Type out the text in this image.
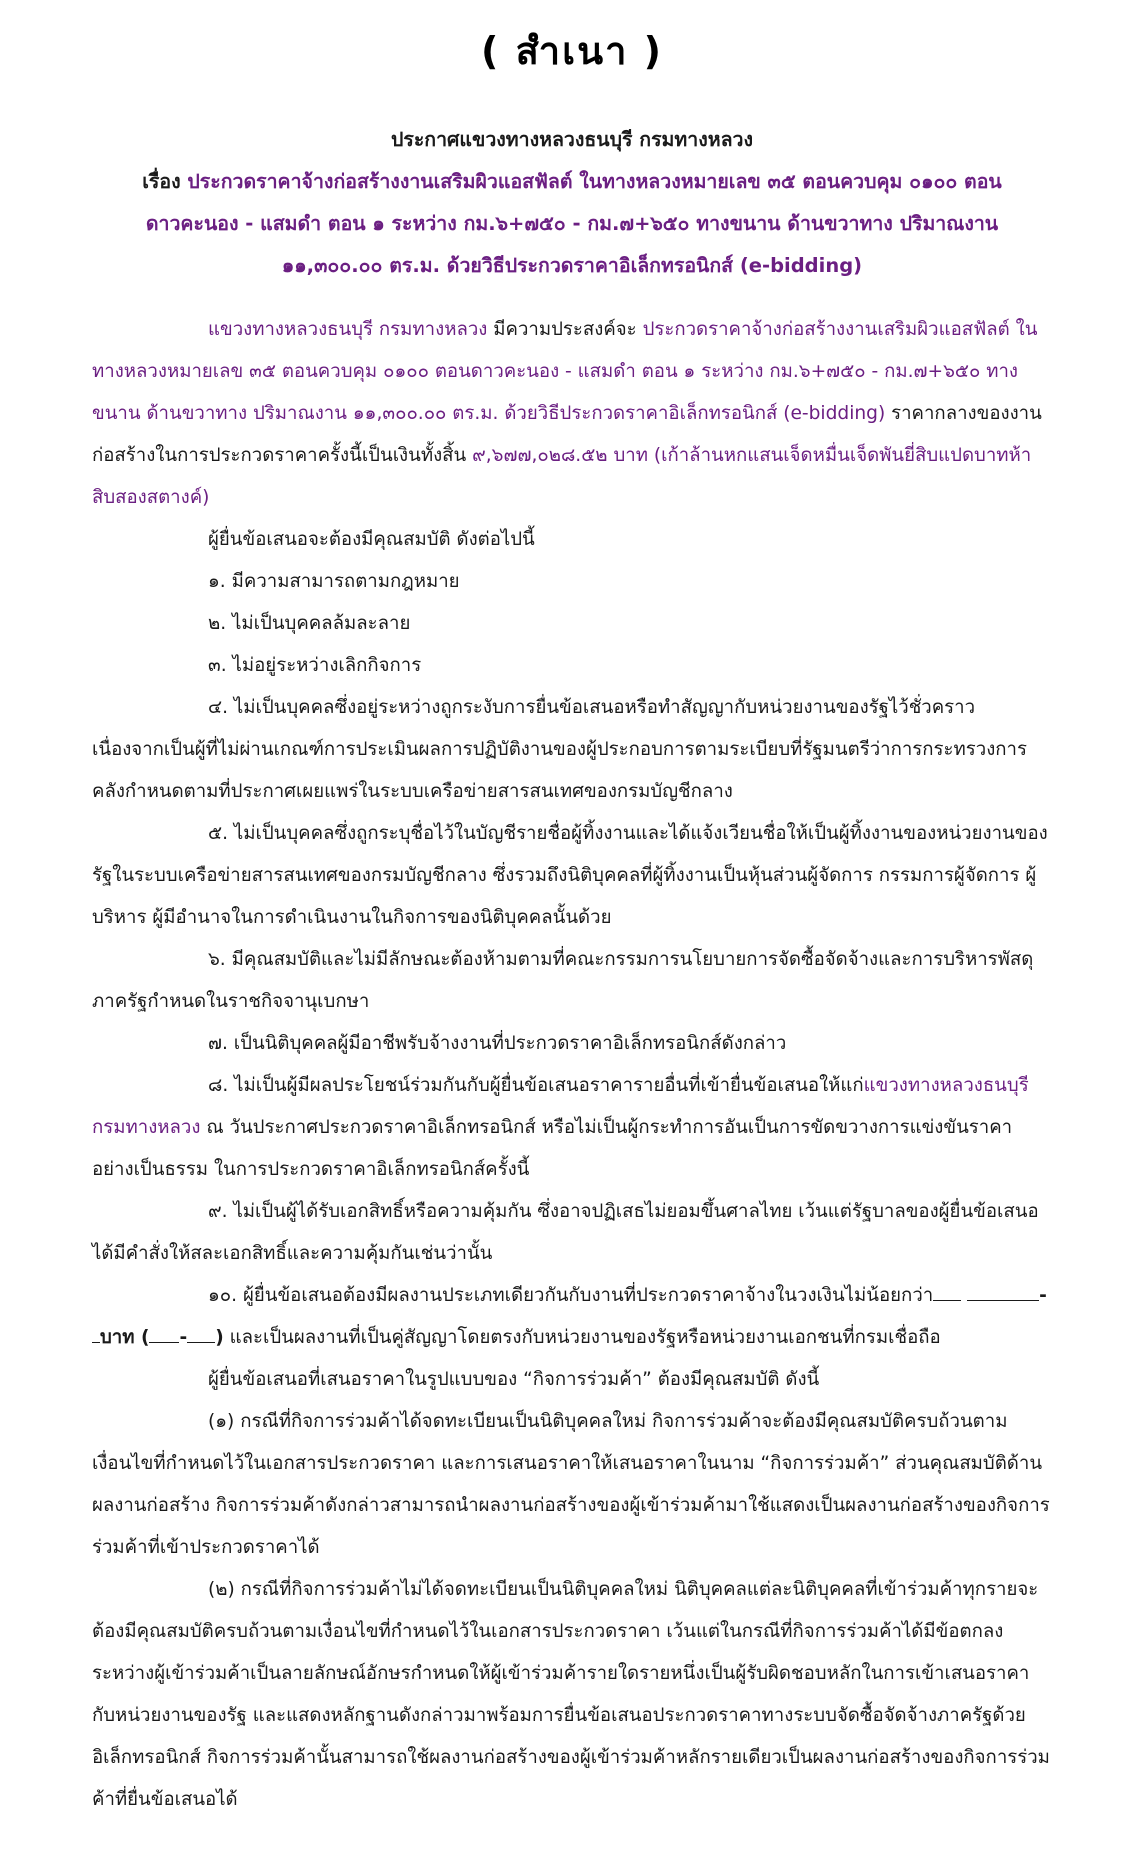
( สำเนา )
ประกาศแขวงทางหลวงธนบุรี กรมทางหลวง
เรื่อง ประกวดราคาจ้างก่อสร้างงานเสริมผิวแอสฟัลต์ ในทางหลวงหมายเลข ๓๕ ตอนควบคุม ๐๑๐๐ ตอน
ดาวคะนอง - แสมดำ ตอน ๑ ระหว่าง กม.๖+๗๕๐ - กม.๗+๖๕๐ ทางขนาน ด้านขวาทาง ปริมาณงาน
๑๑,๓๐๐.๐๐ ตร.ม. ด้วยวิธีประกวดราคาอิเล็กทรอนิกส์ (e-bidding)

แขวงทางหลวงธนบุรี กรมทางหลวง มีความประสงค์จะ ประกวดราคาจ้างก่อสร้างงานเสริมผิวแอสฟัลต์ ในทางหลวงหมายเลข ๓๕ ตอนควบคุม ๐๑๐๐ ตอนดาวคะนอง - แสมดำ ตอน ๑ ระหว่าง กม.๖+๗๕๐ - กม.๗+๖๕๐ ทางขนาน ด้านขวาทาง ปริมาณงาน ๑๑,๓๐๐.๐๐ ตร.ม. ด้วยวิธีประกวดราคาอิเล็กทรอนิกส์ (e-bidding) ราคากลางของงานก่อสร้างในการประกวดราคาครั้งนี้เป็นเงินทั้งสิ้น ๙,๖๗๗,๐๒๘.๕๒ บาท (เก้าล้านหกแสนเจ็ดหมื่นเจ็ดพันยี่สิบแปดบาทห้าสิบสองสตางค์)

ผู้ยื่นข้อเสนอจะต้องมีคุณสมบัติ ดังต่อไปนี้

๑. มีความสามารถตามกฎหมาย

๒. ไม่เป็นบุคคลล้มละลาย

๓. ไม่อยู่ระหว่างเลิกกิจการ

๔. ไม่เป็นบุคคลซึ่งอยู่ระหว่างถูกระงับการยื่นข้อเสนอหรือทำสัญญากับหน่วยงานของรัฐไว้ชั่วคราว เนื่องจากเป็นผู้ที่ไม่ผ่านเกณฑ์การประเมินผลการปฏิบัติงานของผู้ประกอบการตามระเบียบที่รัฐมนตรีว่าการกระทรวงการคลังกำหนดตามที่ประกาศเผยแพร่ในระบบเครือข่ายสารสนเทศของกรมบัญชีกลาง

๕. ไม่เป็นบุคคลซึ่งถูกระบุชื่อไว้ในบัญชีรายชื่อผู้ทิ้งงานและได้แจ้งเวียนชื่อให้เป็นผู้ทิ้งงานของหน่วยงานของรัฐในระบบเครือข่ายสารสนเทศของกรมบัญชีกลาง ซึ่งรวมถึงนิติบุคคลที่ผู้ทิ้งงานเป็นหุ้นส่วนผู้จัดการ กรรมการผู้จัดการ ผู้บริหาร ผู้มีอำนาจในการดำเนินงานในกิจการของนิติบุคคลนั้นด้วย

๖. มีคุณสมบัติและไม่มีลักษณะต้องห้ามตามที่คณะกรรมการนโยบายการจัดซื้อจัดจ้างและการบริหารพัสดุภาครัฐกำหนดในราชกิจจานุเบกษา

๗. เป็นนิติบุคคลผู้มีอาชีพรับจ้างงานที่ประกวดราคาอิเล็กทรอนิกส์ดังกล่าว

๘. ไม่เป็นผู้มีผลประโยชน์ร่วมกันกับผู้ยื่นข้อเสนอราคารายอื่นที่เข้ายื่นข้อเสนอให้แก่แขวงทางหลวงธนบุรี กรมทางหลวง ณ วันประกาศประกวดราคาอิเล็กทรอนิกส์ หรือไม่เป็นผู้กระทำการอันเป็นการขัดขวางการแข่งขันราคาอย่างเป็นธรรม ในการประกวดราคาอิเล็กทรอนิกส์ครั้งนี้

๙. ไม่เป็นผู้ได้รับเอกสิทธิ์หรือความคุ้มกัน ซึ่งอาจปฏิเสธไม่ยอมขึ้นศาลไทย เว้นแต่รัฐบาลของผู้ยื่นข้อเสนอได้มีคำสั่งให้สละเอกสิทธิ์และความคุ้มกันเช่นว่านั้น

๑๐. ผู้ยื่นข้อเสนอต้องมีผลงานประเภทเดียวกันกับงานที่ประกวดราคาจ้างในวงเงินไม่น้อยกว่า	-บาท ( - ) และเป็นผลงานที่เป็นคู่สัญญาโดยตรงกับหน่วยงานของรัฐหรือหน่วยงานเอกชนที่กรมเชื่อถือ

ผู้ยื่นข้อเสนอที่เสนอราคาในรูปแบบของ “กิจการร่วมค้า” ต้องมีคุณสมบัติ ดังนี้

(๑) กรณีที่กิจการร่วมค้าได้จดทะเบียนเป็นนิติบุคคลใหม่ กิจการร่วมค้าจะต้องมีคุณสมบัติครบถ้วนตามเงื่อนไขที่กำหนดไว้ในเอกสารประกวดราคา และการเสนอราคาให้เสนอราคาในนาม “กิจการร่วมค้า” ส่วนคุณสมบัติด้านผลงานก่อสร้าง กิจการร่วมค้าดังกล่าวสามารถนำผลงานก่อสร้างของผู้เข้าร่วมค้ามาใช้แสดงเป็นผลงานก่อสร้างของกิจการร่วมค้าที่เข้าประกวดราคาได้

(๒) กรณีที่กิจการร่วมค้าไม่ได้จดทะเบียนเป็นนิติบุคคลใหม่ นิติบุคคลแต่ละนิติบุคคลที่เข้าร่วมค้าทุกรายจะต้องมีคุณสมบัติครบถ้วนตามเงื่อนไขที่กำหนดไว้ในเอกสารประกวดราคา เว้นแต่ในกรณีที่กิจการร่วมค้าได้มีข้อตกลงระหว่างผู้เข้าร่วมค้าเป็นลายลักษณ์อักษรกำหนดให้ผู้เข้าร่วมค้ารายใดรายหนึ่งเป็นผู้รับผิดชอบหลักในการเข้าเสนอราคากับหน่วยงานของรัฐ และแสดงหลักฐานดังกล่าวมาพร้อมการยื่นข้อเสนอประกวดราคาทางระบบจัดซื้อจัดจ้างภาครัฐด้วยอิเล็กทรอนิกส์ กิจการร่วมค้านั้นสามารถใช้ผลงานก่อสร้างของผู้เข้าร่วมค้าหลักรายเดียวเป็นผลงานก่อสร้างของกิจการร่วมค้าที่ยื่นข้อเสนอได้
